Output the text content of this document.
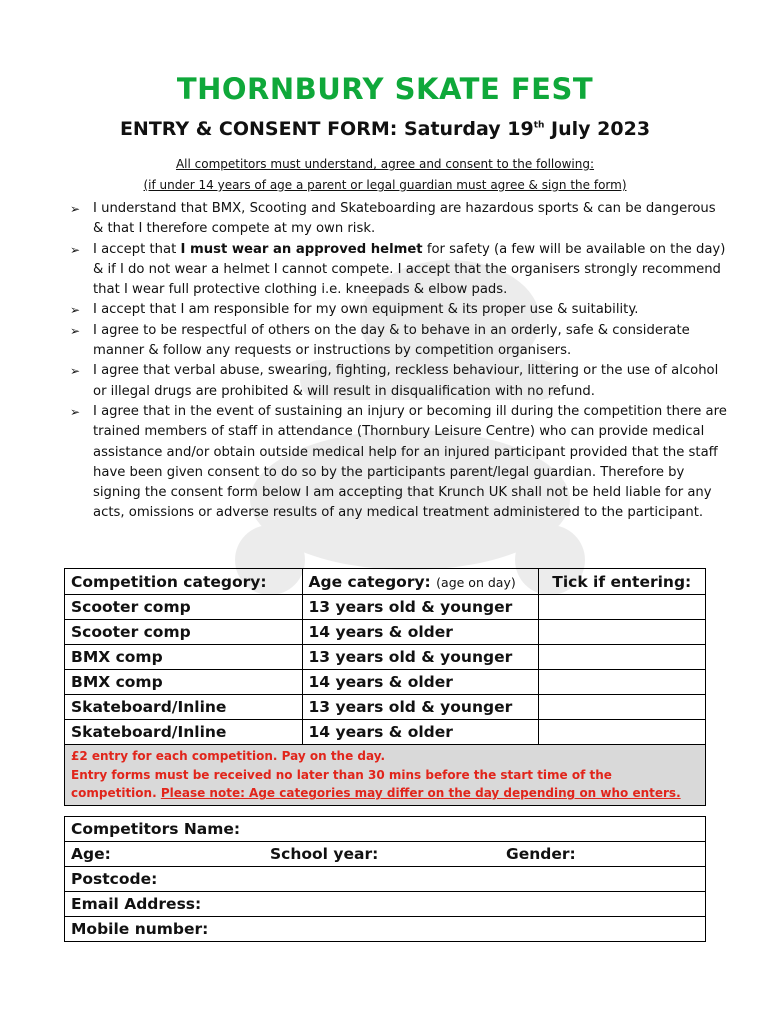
THORNBURY SKATE FEST
ENTRY & CONSENT FORM: Saturday 19th July 2023
All competitors must understand, agree and consent to the following:
(if under 14 years of age a parent or legal guardian must agree & sign the form)
➢ I understand that BMX, Scooting and Skateboarding are hazardous sports & can be dangerous & that I therefore compete at my own risk.
➢ I accept that I must wear an approved helmet for safety (a few will be available on the day) & if I do not wear a helmet I cannot compete. I accept that the organisers strongly recommend that I wear full protective clothing i.e. kneepads & elbow pads.
➢ I accept that I am responsible for my own equipment & its proper use & suitability.
➢ I agree to be respectful of others on the day & to behave in an orderly, safe & considerate manner & follow any requests or instructions by competition organisers.
➢ I agree that verbal abuse, swearing, fighting, reckless behaviour, littering or the use of alcohol or illegal drugs are prohibited & will result in disqualification with no refund.
➢ I agree that in the event of sustaining an injury or becoming ill during the competition there are trained members of staff in attendance (Thornbury Leisure Centre) who can provide medical assistance and/or obtain outside medical help for an injured participant provided that the staff have been given consent to do so by the participants parent/legal guardian. Therefore by signing the consent form below I am accepting that Krunch UK shall not be held liable for any acts, omissions or adverse results of any medical treatment administered to the participant.
Competition category:	Age category: (age on day)	Tick if entering:
Scooter comp	13 years old & younger	
Scooter comp	14 years & older	
BMX comp	13 years old & younger	
BMX comp	14 years & older	
Skateboard/Inline	13 years old & younger	
Skateboard/Inline	14 years & older	

£2 entry for each competition. Pay on the day.
Entry forms must be received no later than 30 mins before the start time of the competition. Please note: Age categories may differ on the day depending on who enters.		
Competitors Name:

Age:	School year:	Gender:

Postcode:
Email Address:
Mobile number:
